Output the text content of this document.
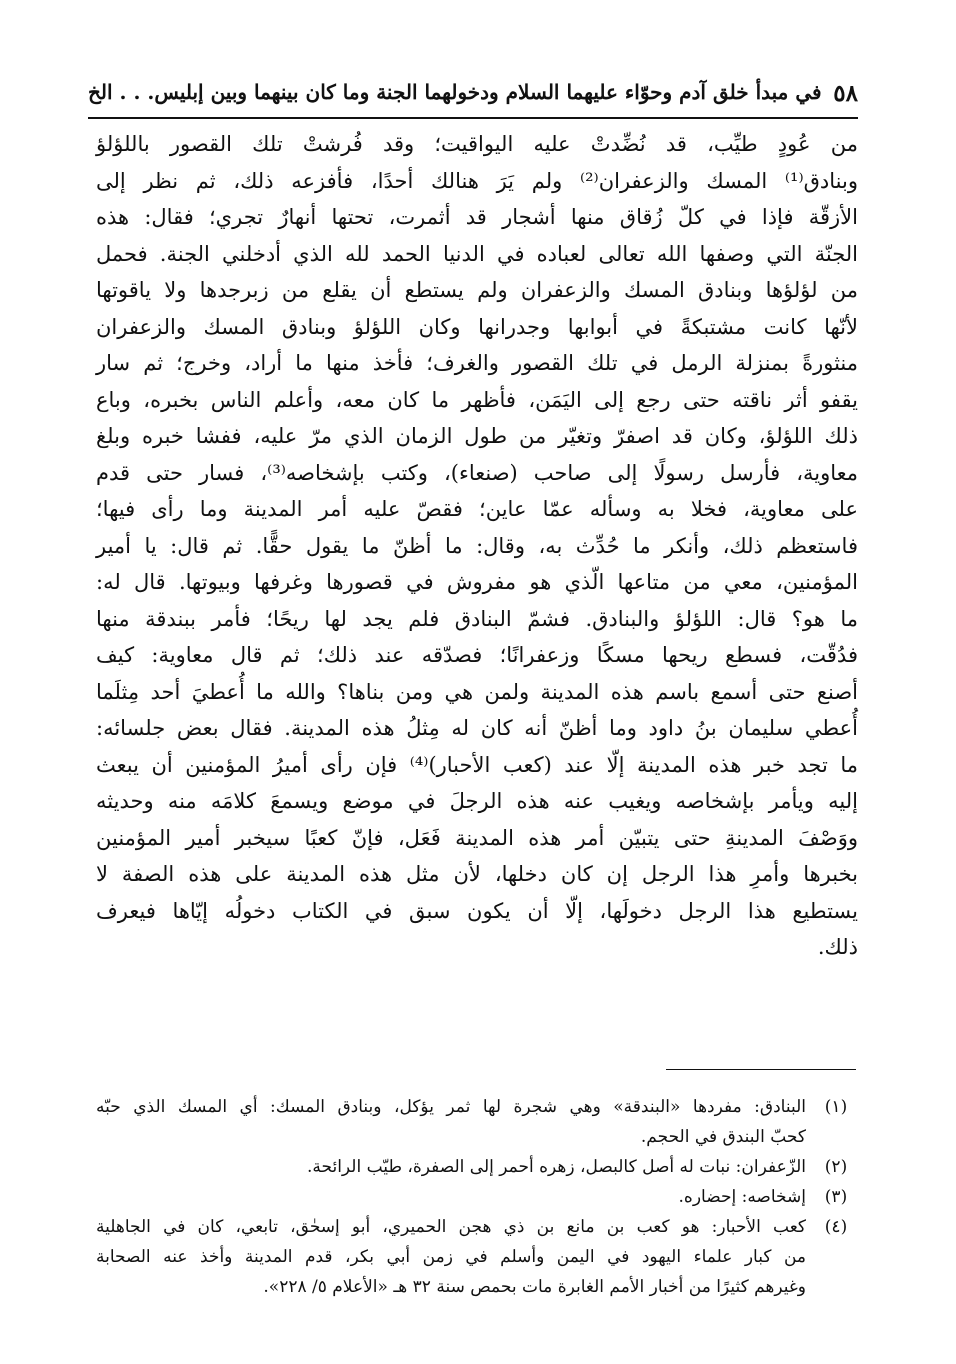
٥٨
في مبدأ خلق آدم وحوّاء عليهما السلام ودخولهما الجنة وما كان بينهما وبين إبليس. . . الخ
من عُودٍ طيِّب، قد نُضِّدتْ عليه اليواقيت؛ وقد فُرشتْ تلك القصور باللؤلؤ
وبنادق⁽¹⁾ المسك والزعفران⁽²⁾ ولم يَرَ هنالك أحدًا، فأفزعه ذلك، ثم نظر إلى
الأزقّة فإذا في كلّ زُقاق منها أشجار قد أثمرت، تحتها أنهارٌ تجري؛ فقال: هذه
الجنّة التي وصفها الله تعالى لعباده في الدنيا الحمد لله الذي أدخلني الجنة. فحمل
من لؤلؤها وبنادق المسك والزعفران ولم يستطع أن يقلع من زبرجدها ولا ياقوتها
لأنّها كانت مشتبكةً في أبوابها وجدرانها وكان اللؤلؤ وبنادق المسك والزعفران
منثورةً بمنزلة الرمل في تلك القصور والغرف؛ فأخذ منها ما أراد، وخرج؛ ثم سار
يقفو أثر ناقته حتى رجع إلى اليَمَن، فأظهر ما كان معه، وأعلم الناس بخبره، وباع
ذلك اللؤلؤ، وكان قد اصفرّ وتغيّر من طول الزمان الذي مرّ عليه، ففشا خبره وبلغ
معاوية، فأرسل رسولًا إلى صاحب (صنعاء)، وكتب بإشخاصه⁽³⁾، فسار حتى قدم
على معاوية، فخلا به وسأله عمّا عاين؛ فقصّ عليه أمر المدينة وما رأى فيها؛
فاستعظم ذلك، وأنكر ما حُدِّث به، وقال: ما أظنّ ما يقول حقًّا. ثم قال: يا أمير
المؤمنين، معي من متاعها الّذي هو مفروش في قصورها وغرفها وبيوتها. قال له:
ما هو؟ قال: اللؤلؤ والبنادق. فشمّ البنادق فلم يجد لها ريحًا؛ فأمر ببندقة منها
فدُقّت، فسطع ريحها مسكًا وزعفرانًا؛ فصدّقه عند ذلك؛ ثم قال معاوية: كيف
أصنع حتى أسمع باسم هذه المدينة ولمن هي ومن بناها؟ والله ما أُعطيَ أحد مِثلَما
أُعطي سليمان بنُ داود وما أظنّ أنه كان له مِثلُ هذه المدينة. فقال بعض جلسائه:
ما تجد خبر هذه المدينة إلّا عند (كعب الأحبار)⁽⁴⁾ فإن رأى أميرُ المؤمنين أن يبعث
إليه ويأمر بإشخاصه ويغيب عنه هذه الرجلَ في موضع ويسمعَ كلامَه منه وحديثه
ووَصْفَ المدينةِ حتى يتبيّن أمر هذه المدينة فَعَل، فإنّ كعبًا سيخبر أمير المؤمنين
بخبرها وأمرِ هذا الرجل إن كان دخلها، لأن مثل هذه المدينة على هذه الصفة لا
يستطيع هذا الرجل دخولَها، إلّا أن يكون سبق في الكتاب دخولُه إيّاها فيعرف
ذلك.
(١)
البنادق: مفردها «البندقة» وهي شجرة لها ثمر يؤكل، وبنادق المسك: أي المسك الذي حبّه
كحبّ البندق في الحجم.
(٢)
الزّعفران: نبات له أصل كالبصل، زهره أحمر إلى الصفرة، طيّب الرائحة.
(٣)
إشخاصه: إحضاره.
(٤)
كعب الأحبار: هو كعب بن مانع بن ذي هجن الحميري، أبو إسحٰق، تابعي، كان في الجاهلية
من كبار علماء اليهود في اليمن وأسلم في زمن أبي بكر، قدم المدينة وأخذ عنه الصحابة
وغيرهم كثيرًا من أخبار الأمم الغابرة مات بحمص سنة ٣٢ هـ «الأعلام ٥/ ٢٢٨».
